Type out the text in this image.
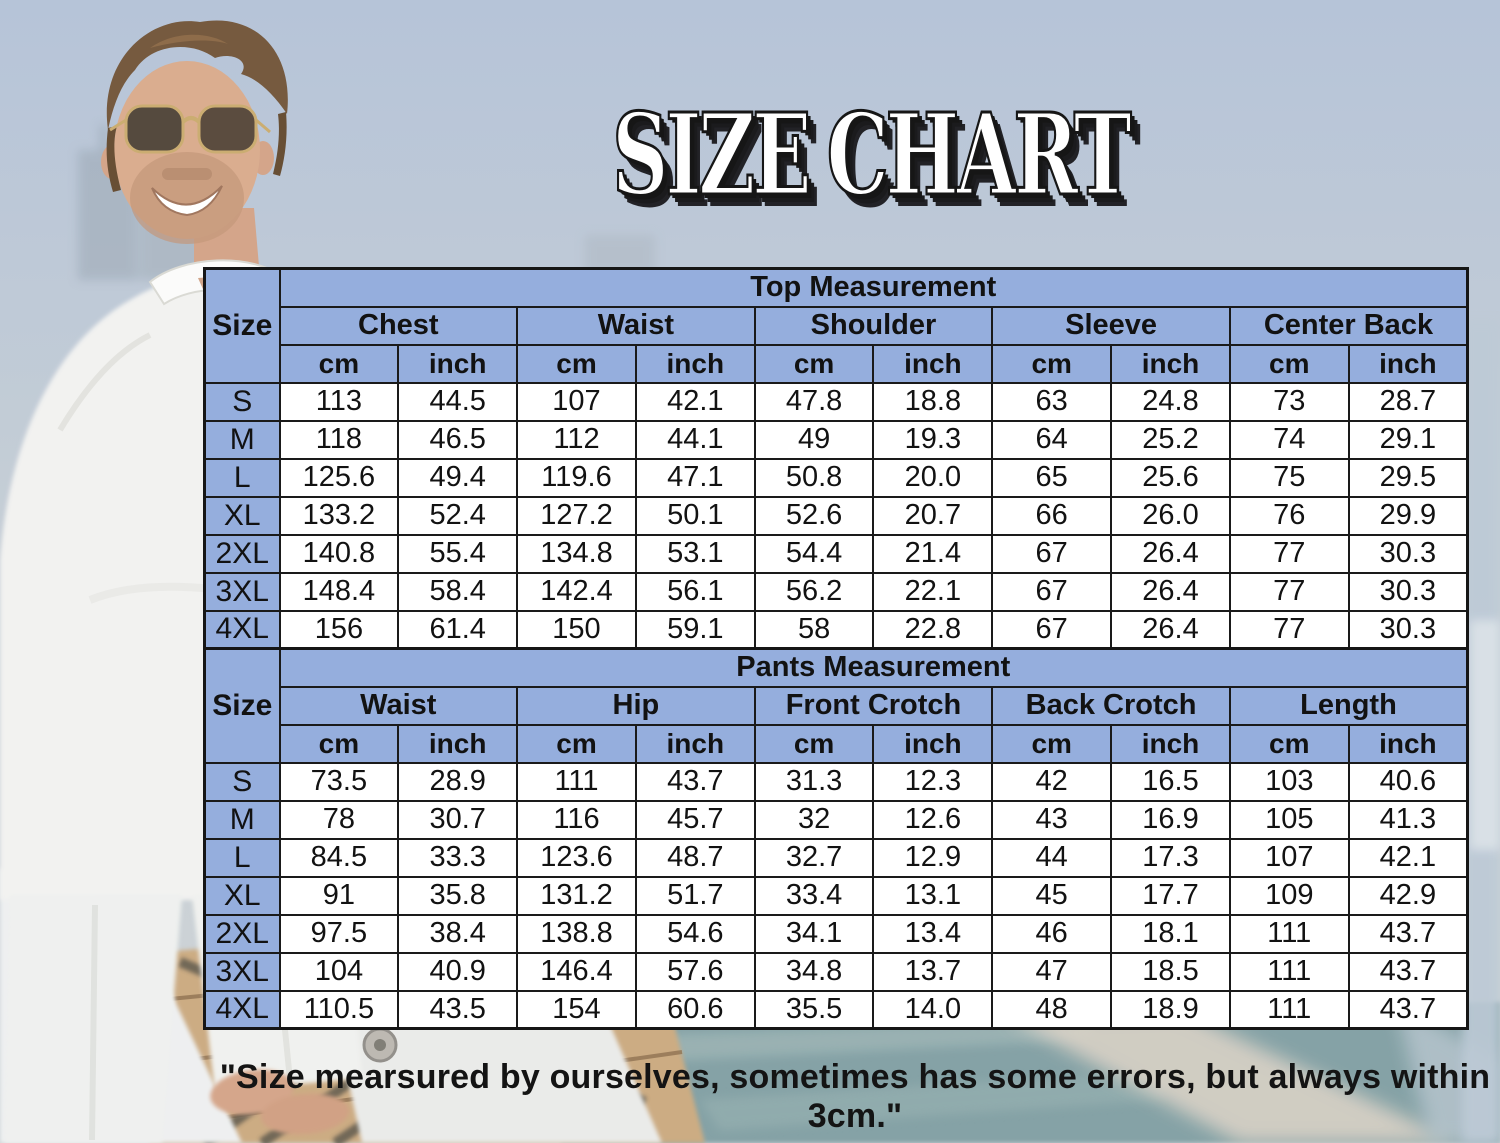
SIZE CHART
Size	Top Measurement									
	Chest		Waist		Shoulder		Sleeve		Center Back	
	cm	inch	cm	inch	cm	inch	cm	inch	cm	inch
S	113	44.5	107	42.1	47.8	18.8	63	24.8	73	28.7
M	118	46.5	112	44.1	49	19.3	64	25.2	74	29.1
L	125.6	49.4	119.6	47.1	50.8	20.0	65	25.6	75	29.5
XL	133.2	52.4	127.2	50.1	52.6	20.7	66	26.0	76	29.9
2XL	140.8	55.4	134.8	53.1	54.4	21.4	67	26.4	77	30.3
3XL	148.4	58.4	142.4	56.1	56.2	22.1	67	26.4	77	30.3
4XL	156	61.4	150	59.1	58	22.8	67	26.4	77	30.3
Size	Pants Measurement									
	Waist		Hip		Front Crotch		Back Crotch		Length	
	cm	inch	cm	inch	cm	inch	cm	inch	cm	inch
S	73.5	28.9	111	43.7	31.3	12.3	42	16.5	103	40.6
M	78	30.7	116	45.7	32	12.6	43	16.9	105	41.3
L	84.5	33.3	123.6	48.7	32.7	12.9	44	17.3	107	42.1
XL	91	35.8	131.2	51.7	33.4	13.1	45	17.7	109	42.9
2XL	97.5	38.4	138.8	54.6	34.1	13.4	46	18.1	111	43.7
3XL	104	40.9	146.4	57.6	34.8	13.7	47	18.5	111	43.7
4XL	110.5	43.5	154	60.6	35.5	14.0	48	18.9	111	43.7
"Size mearsured by ourselves, sometimes has some errors, but always within 3cm."
